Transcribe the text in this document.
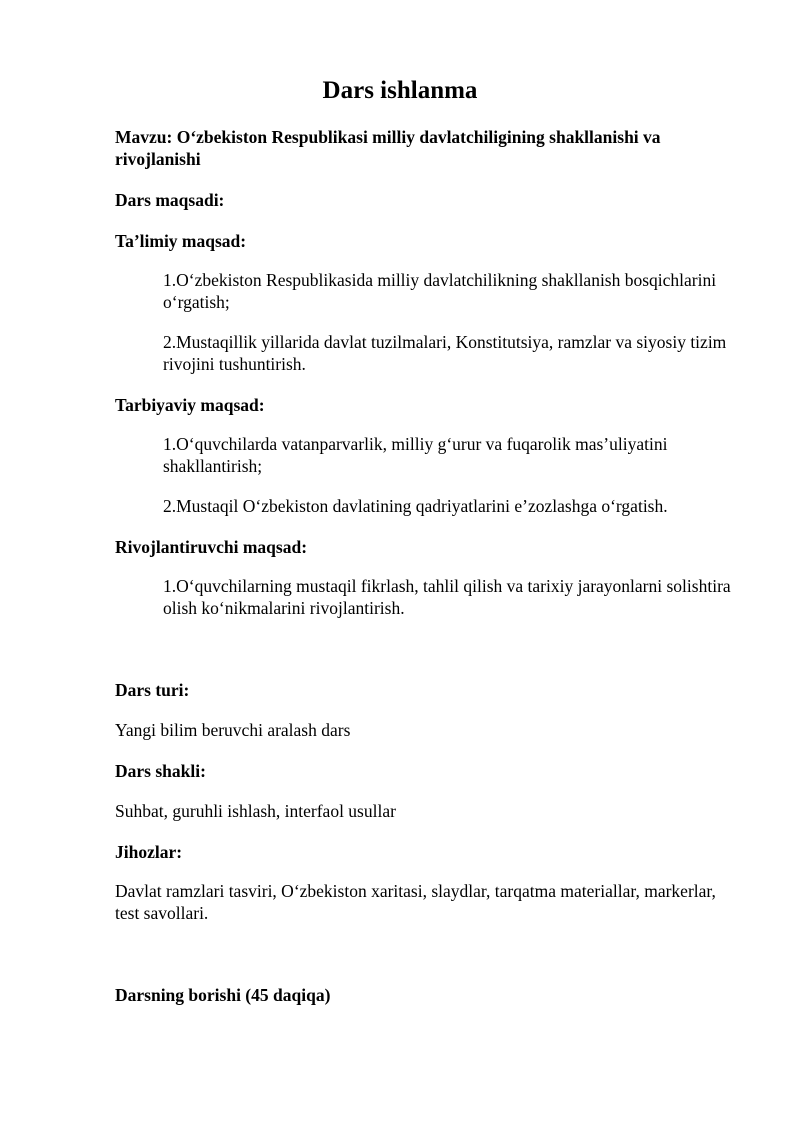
Dars ishlanma

Mavzu: O‘zbekiston Respublikasi milliy davlatchiligining shakllanishi va rivojlanishi

Dars maqsadi:

Ta’limiy maqsad:

1.O‘zbekiston Respublikasida milliy davlatchilikning shakllanish bosqichlarini o‘rgatish;

2.Mustaqillik yillarida davlat tuzilmalari, Konstitutsiya, ramzlar va siyosiy tizim rivojini tushuntirish.

Tarbiyaviy maqsad:

1.O‘quvchilarda vatanparvarlik, milliy g‘urur va fuqarolik mas’uliyatini shakllantirish;

2.Mustaqil O‘zbekiston davlatining qadriyatlarini e’zozlashga o‘rgatish.

Rivojlantiruvchi maqsad:

1.O‘quvchilarning mustaqil fikrlash, tahlil qilish va tarixiy jarayonlarni solishtira olish ko‘nikmalarini rivojlantirish.

Dars turi:

Yangi bilim beruvchi aralash dars

Dars shakli:

Suhbat, guruhli ishlash, interfaol usullar

Jihozlar:

Davlat ramzlari tasviri, O‘zbekiston xaritasi, slaydlar, tarqatma materiallar, markerlar, test savollari.

Darsning borishi (45 daqiqa)
